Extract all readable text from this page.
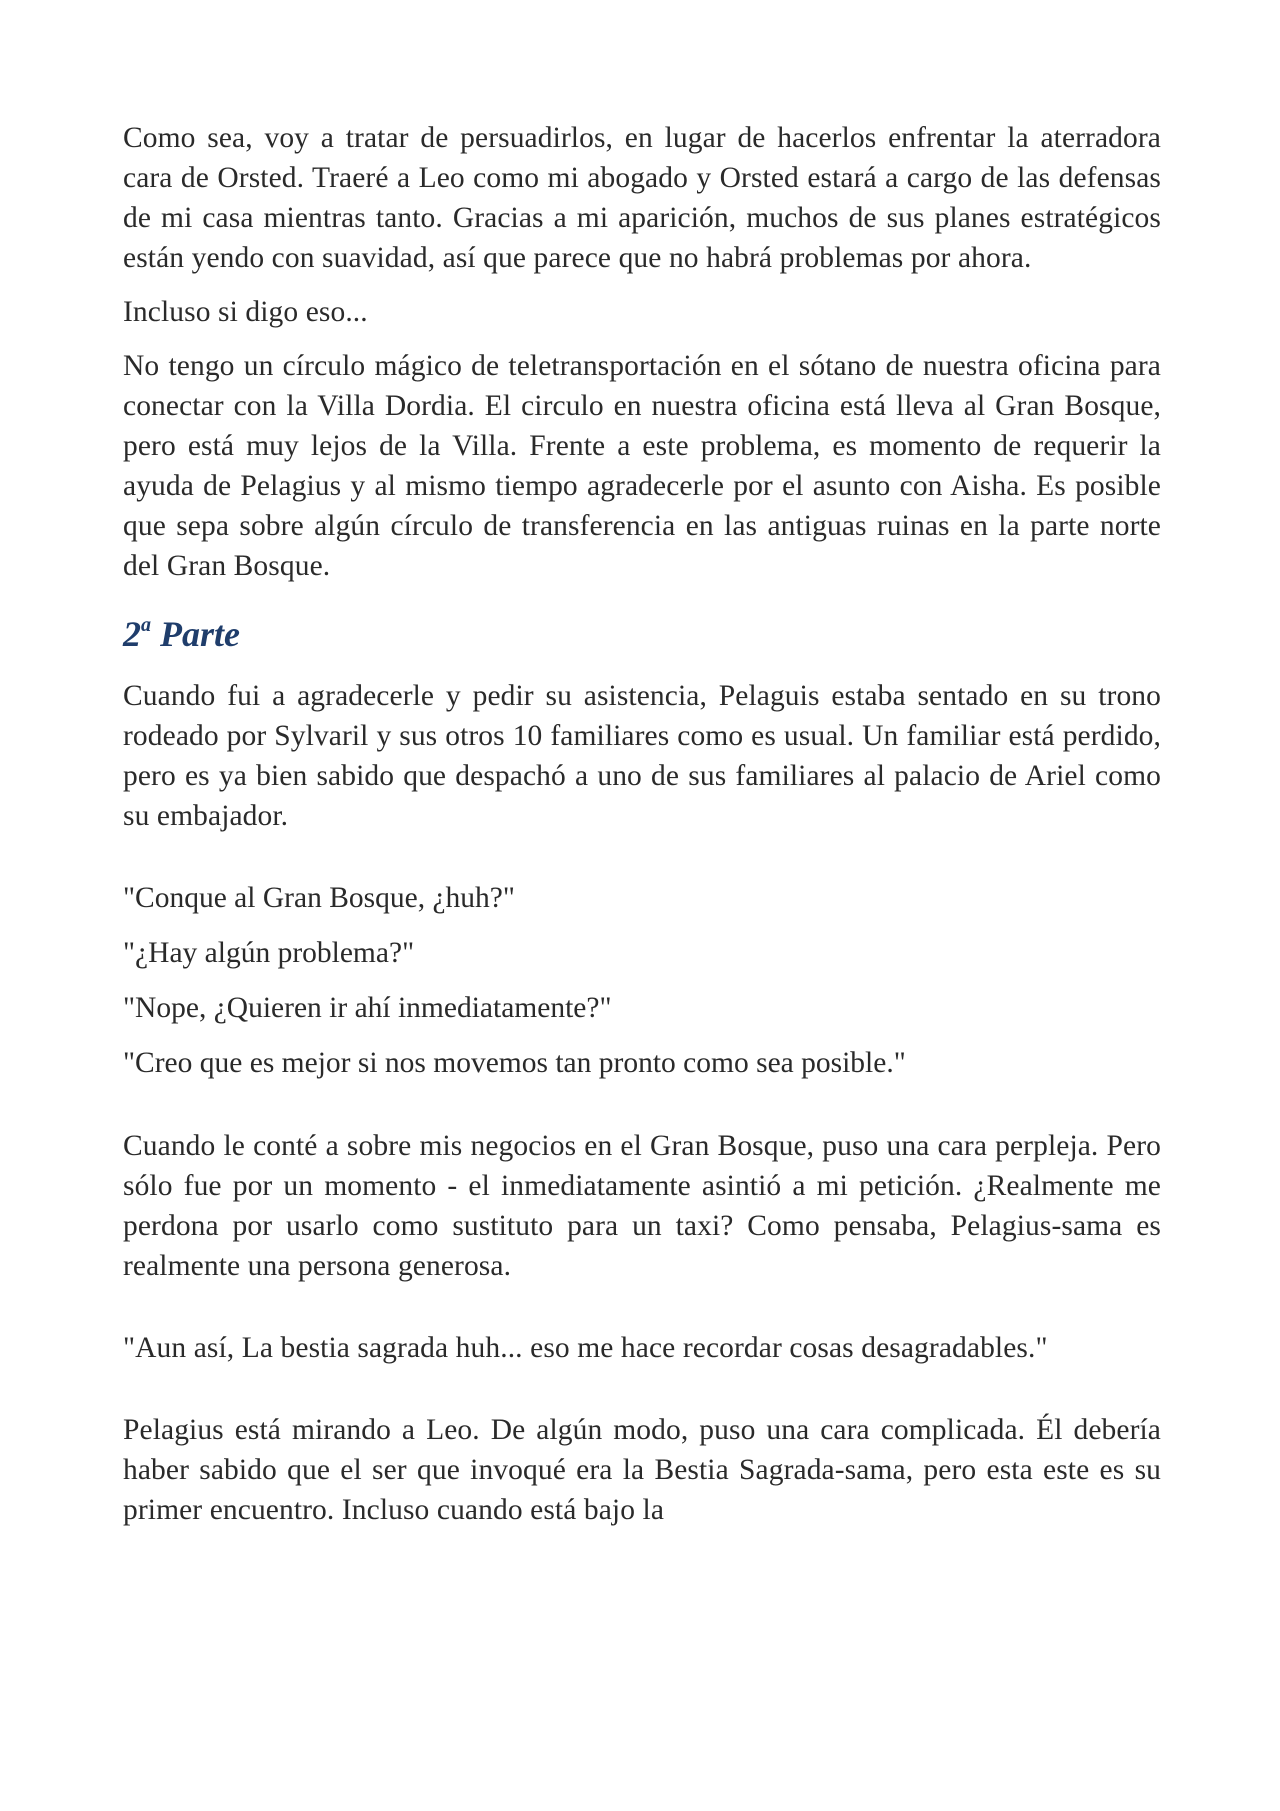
Como sea, voy a tratar de persuadirlos, en lugar de hacerlos enfrentar la aterradora cara de Orsted. Traeré a Leo como mi abogado y Orsted estará a cargo de las defensas de mi casa mientras tanto. Gracias a mi aparición, muchos de sus planes estratégicos están yendo con suavidad, así que parece que no habrá problemas por ahora.

Incluso si digo eso...

No tengo un círculo mágico de teletransportación en el sótano de nuestra oficina para conectar con la Villa Dordia. El circulo en nuestra oficina está lleva al Gran Bosque, pero está muy lejos de la Villa. Frente a este problema, es momento de requerir la ayuda de Pelagius y al mismo tiempo agradecerle por el asunto con Aisha. Es posible que sepa sobre algún círculo de transferencia en las antiguas ruinas en la parte norte del Gran Bosque.

2$^a$ Parte

Cuando fui a agradecerle y pedir su asistencia, Pelaguis estaba sentado en su trono rodeado por Sylvaril y sus otros 10 familiares como es usual. Un familiar está perdido, pero es ya bien sabido que despachó a uno de sus familiares al palacio de Ariel como su embajador.

"Conque al Gran Bosque, ¿huh?"

"¿Hay algún problema?"

"Nope, ¿Quieren ir ahí inmediatamente?"

"Creo que es mejor si nos movemos tan pronto como sea posible."

Cuando le conté a sobre mis negocios en el Gran Bosque, puso una cara perpleja. Pero sólo fue por un momento - el inmediatamente asintió a mi petición. ¿Realmente me perdona por usarlo como sustituto para un taxi? Como pensaba, Pelagius-sama es realmente una persona generosa.

"Aun así, La bestia sagrada huh... eso me hace recordar cosas desagradables."

Pelagius está mirando a Leo. De algún modo, puso una cara complicada. Él debería haber sabido que el ser que invoqué era la Bestia Sagrada-sama, pero esta este es su primer encuentro. Incluso cuando está bajo la
